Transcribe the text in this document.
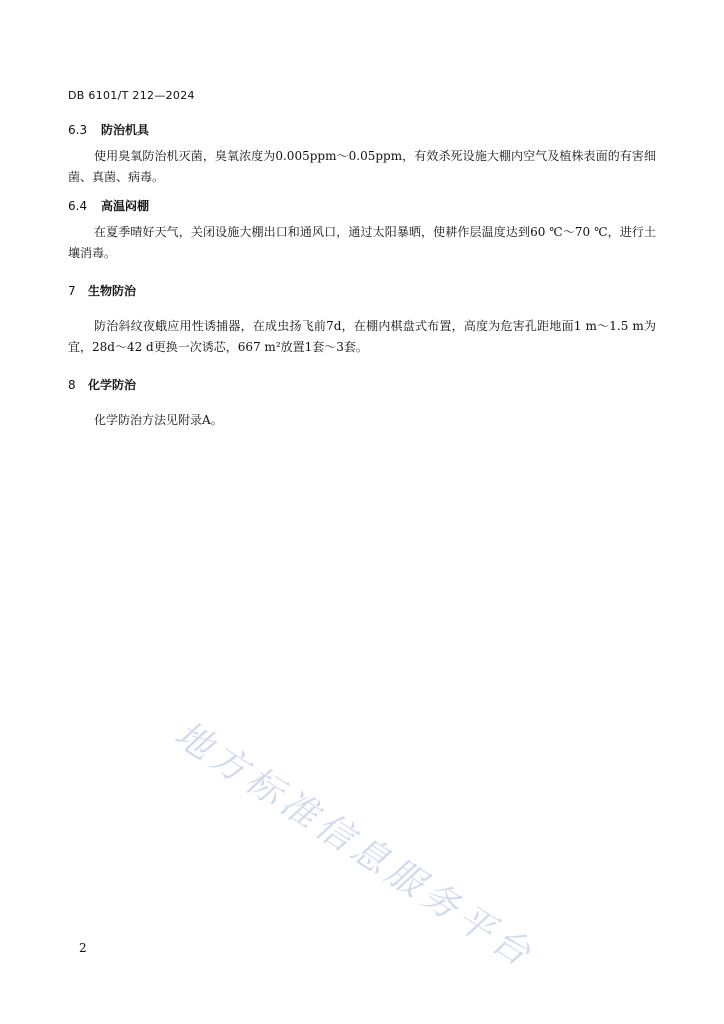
DB 6101/T 212—2024
6.3 防治机具
使用臭氧防治机灭菌，臭氧浓度为0.005ppm～0.05ppm，有效杀死设施大棚内空气及植株表面的有害细菌、真菌、病毒。
6.4 高温闷棚
在夏季晴好天气，关闭设施大棚出口和通风口，通过太阳暴晒，使耕作层温度达到60 ℃～70 ℃，进行土壤消毒。
7 生物防治
防治斜纹夜蛾应用性诱捕器，在成虫扬飞前7d，在棚内棋盘式布置，高度为危害孔距地面1 m～1.5 m为宜，28d～42 d更换一次诱芯，667 m²放置1套～3套。
8 化学防治
化学防治方法见附录A。
地方标准信息服务平台
2
